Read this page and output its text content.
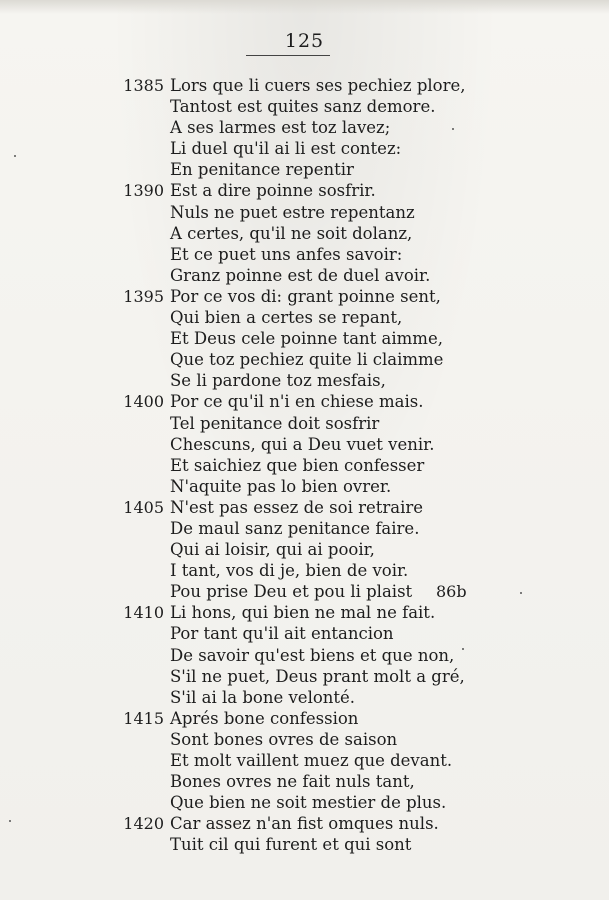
125
1385 Lors que li cuers ses pechiez plore,
Tantost est quites sanz demore.
A ses larmes est toz lavez;
Li duel qu'il ai li est contez:
En penitance repentir
1390 Est a dire poinne sosfrir.
Nuls ne puet estre repentanz
A certes, qu'il ne soit dolanz,
Et ce puet uns anfes savoir:
Granz poinne est de duel avoir.
1395 Por ce vos di: grant poinne sent,
Qui bien a certes se repant,
Et Deus cele poinne tant aimme,
Que toz pechiez quite li claimme
Se li pardone toz mesfais,
1400 Por ce qu'il n'i en chiese mais.
Tel penitance doit sosfrir
Chescuns, qui a Deu vuet venir.
Et saichiez que bien confesser
N'aquite pas lo bien ovrer.
1405 N'est pas essez de soi retraire
De maul sanz penitance faire.
Qui ai loisir, qui ai pooir,
I tant, vos di je, bien de voir.
Pou prise Deu et pou li plaist 86b
1410 Li hons, qui bien ne mal ne fait.
Por tant qu'il ait entancion
De savoir qu'est biens et que non,
S'il ne puet, Deus prant molt a gré,
S'il ai la bone velonté.
1415 Aprés bone confession
Sont bones ovres de saison
Et molt vaillent muez que devant.
Bones ovres ne fait nuls tant,
Que bien ne soit mestier de plus.
1420 Car assez n'an fist omques nuls.
Tuit cil qui furent et qui sont
